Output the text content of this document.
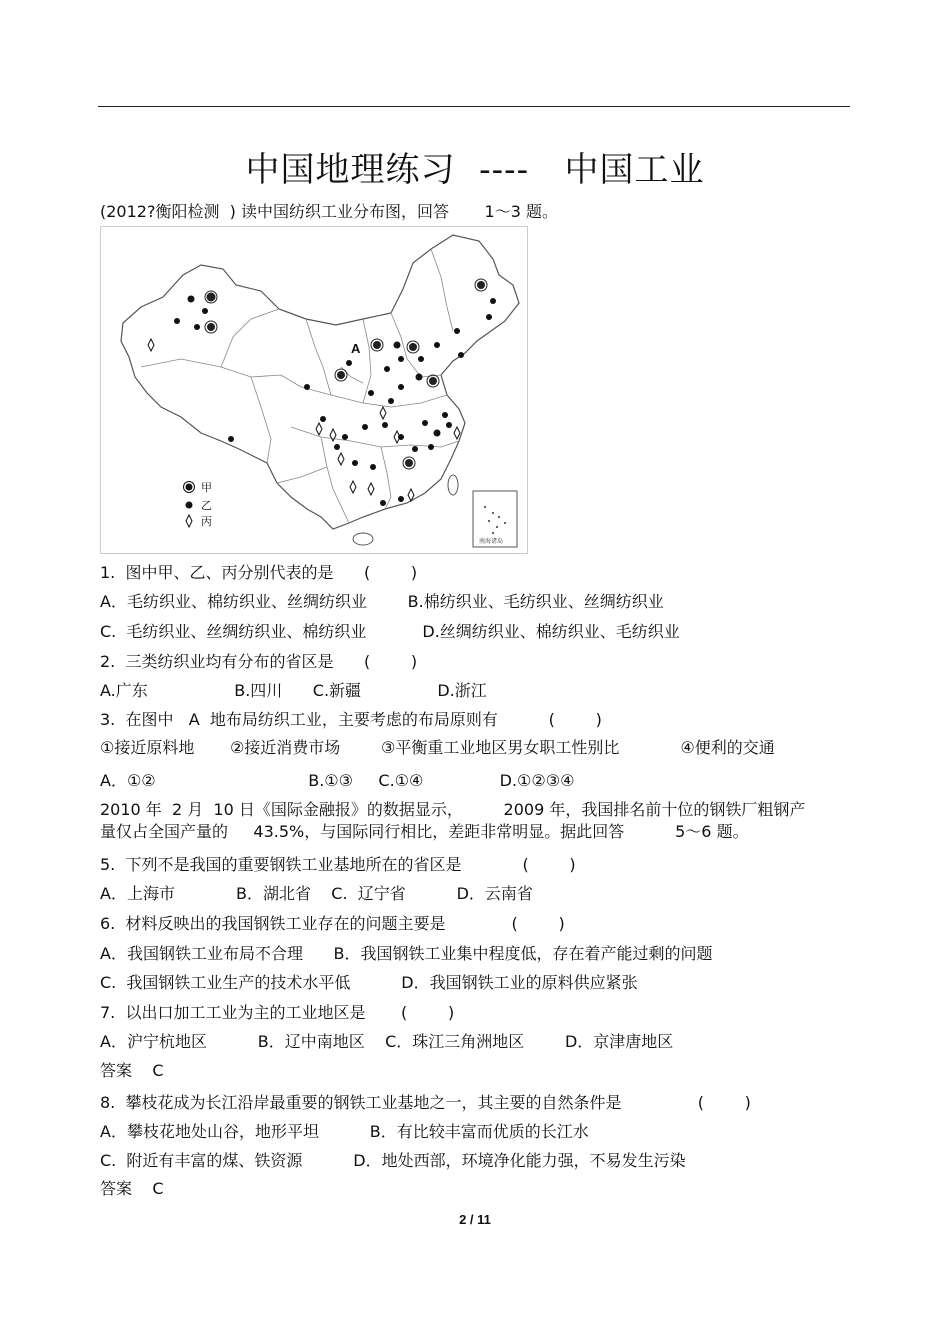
中国地理练习  ----   中国工业
(2012?衡阳检测  ) 读中国纺织工业分布图，回答       1～3 题。
A
甲
乙
丙
南海诸岛
1.  图中甲、乙、丙分别代表的是      (        )
A．毛纺织业、棉纺织业、丝绸纺织业        B.棉纺织业、毛纺织业、丝绸纺织业
C.  毛纺织业、丝绸纺织业、棉纺织业           D.丝绸纺织业、棉纺织业、毛纺织业
2.  三类纺织业均有分布的省区是      (        )
A.广东                 B.四川      C.新疆               D.浙江
3.  在图中   A  地布局纺织工业，主要考虑的布局原则有          (        )
①接近原料地       ②接近消费市场        ③平衡重工业地区男女职工性别比            ④便利的交通
A．①②                              B.①③     C.①④               D.①②③④
2010 年  2 月  10 日《国际金融报》的数据显示，        2009 年，我国排名前十位的钢铁厂粗钢产
量仅占全国产量的     43.5%，与国际同行相比，差距非常明显。据此回答          5～6 题。
5.  下列不是我国的重要钢铁工业基地所在的省区是            (        )
A．上海市            B．湖北省    C.  辽宁省          D．云南省
6.  材料反映出的我国钢铁工业存在的问题主要是             (        )
A．我国钢铁工业布局不合理      B．我国钢铁工业集中程度低，存在着产能过剩的问题
C.  我国钢铁工业生产的技术水平低          D．我国钢铁工业的原料供应紧张
7.  以出口加工工业为主的工业地区是       (        )
A．沪宁杭地区          B．辽中南地区    C．珠江三角洲地区        D．京津唐地区
答案    C
8.  攀枝花成为长江沿岸最重要的钢铁工业基地之一，其主要的自然条件是               (        )
A．攀枝花地处山谷，地形平坦          B．有比较丰富而优质的长江水
C.  附近有丰富的煤、铁资源          D．地处西部，环境净化能力强，不易发生污染
答案    C
2 / 11
